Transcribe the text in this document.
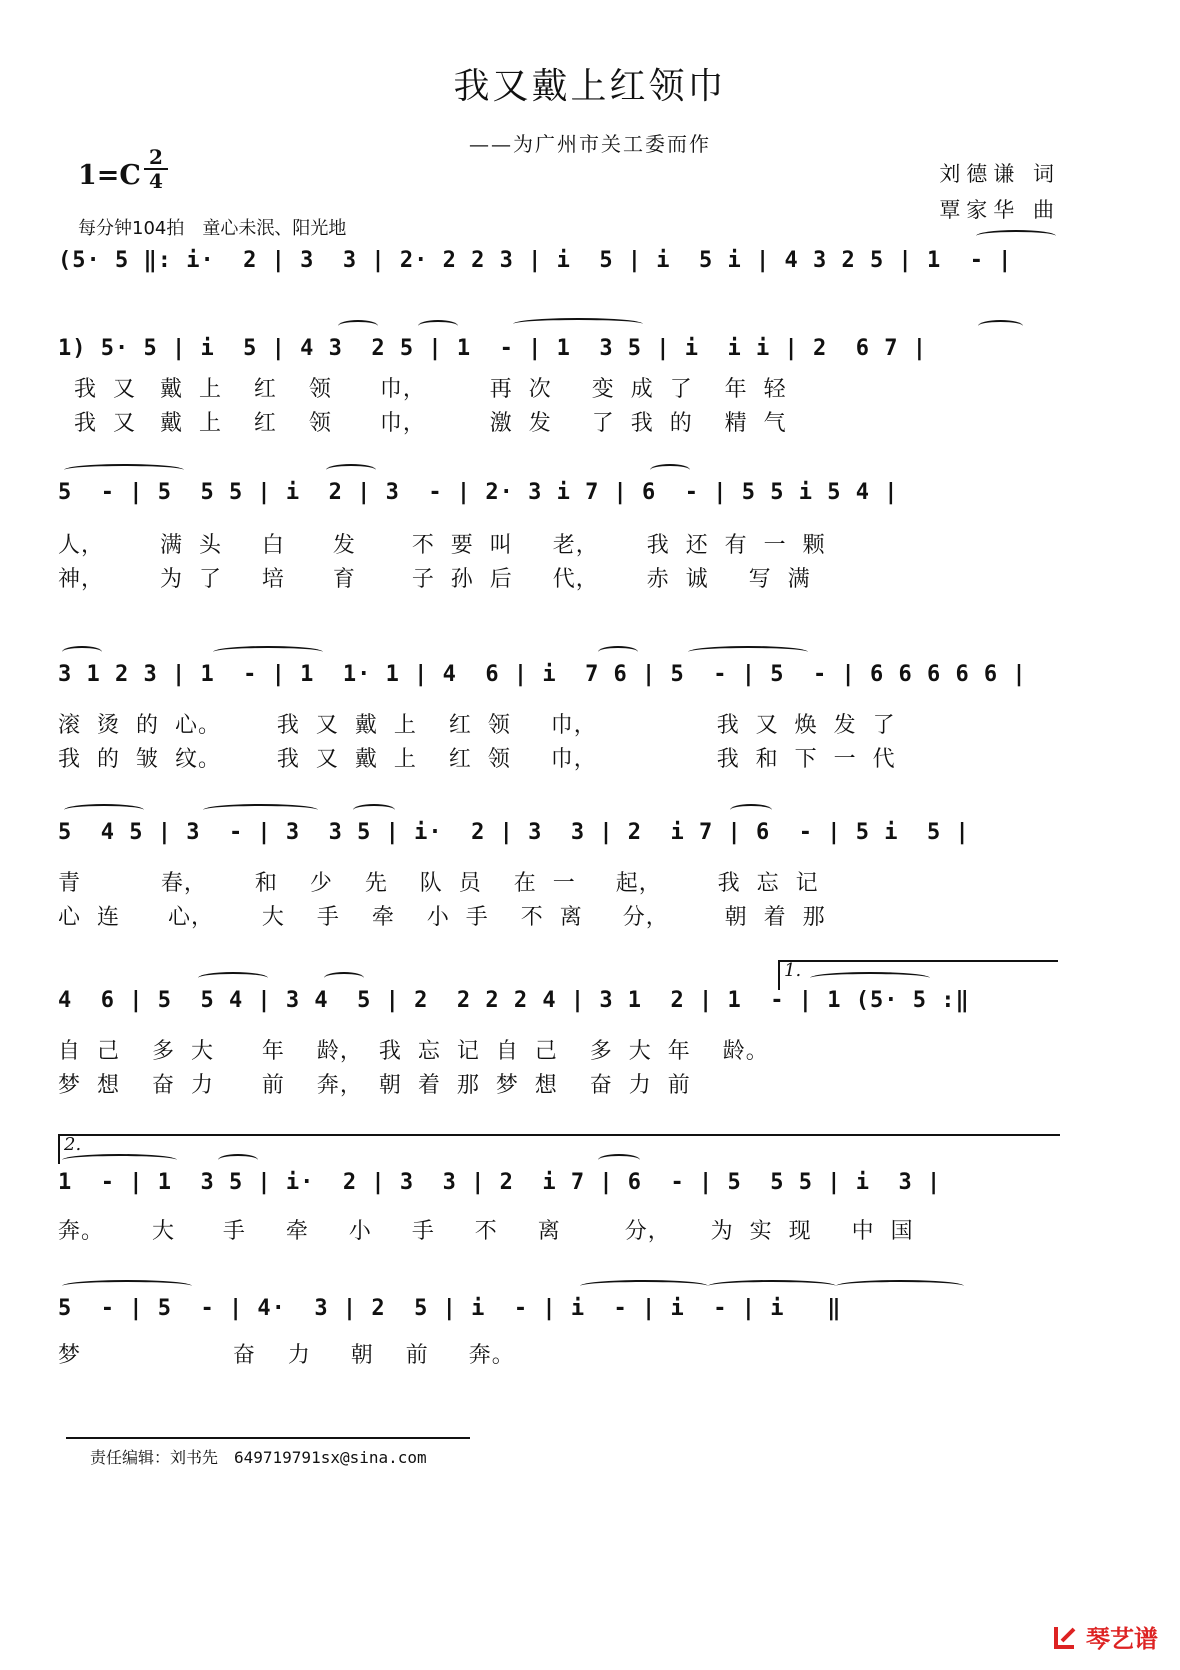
我又戴上红领巾
——为广州市关工委而作
1=C
2
4
每分钟104拍　童心未泯、阳光地
刘德谦 词
覃家华 曲
(5· 5 ‖: i·  2 | 3  3 | 2· 2 2 3 | i  5 | i  5 i | 4 3 2 5 | 1  - |
1) 5· 5 | i  5 | 4 3  2 5 | 1  - | 1  3 5 | i  i i | 2  6 7 |
我  又   戴  上    红    领      巾，        再  次     变  成  了    年  轻
我  又   戴  上    红    领      巾，        激  发     了  我  的    精  气
5  - | 5  5 5 | i  2 | 3  - | 2· 3 i 7 | 6  - | 5 5 i 5 4 |
人，       满  头     白      发       不  要  叫     老，      我  还  有  一  颗
神，       为  了     培      育       子  孙  后     代，      赤  诚     写  满
3 1 2 3 | 1  - | 1  1· 1 | 4  6 | i  7 6 | 5  - | 5  - | 6 6 6 6 6 |
滚  烫  的  心。       我  又  戴  上    红  领     巾，               我  又  焕  发  了
我  的  皱  纹。       我  又  戴  上    红  领     巾，               我  和  下  一  代
5  4 5 | 3  - | 3  3 5 | i·  2 | 3  3 | 2  i 7 | 6  - | 5 i  5 |
青          春，      和    少    先    队  员    在  一     起，       我  忘  记
心  连      心，      大    手    牵    小  手    不  离     分，       朝  着  那
1.
4  6 | 5  5 4 | 3 4  5 | 2  2 2 2 4 | 3 1  2 | 1  - | 1 (5· 5 :‖
自  己    多  大      年    龄，  我  忘  记  自  己    多  大  年    龄。
梦  想    奋  力      前    奔，  朝  着  那  梦  想    奋  力  前
2.
1  - | 1  3 5 | i·  2 | 3  3 | 2  i 7 | 6  - | 5  5 5 | i  3 |
奔。      大      手     牵     小     手     不     离        分，     为  实  现     中  国
5  - | 5  - | 4·  3 | 2  5 | i  - | i  - | i  - | i   ‖
梦                   奋    力     朝    前     奔。
责任编辑：刘书先　649719791sx@sina.com
琴艺谱
